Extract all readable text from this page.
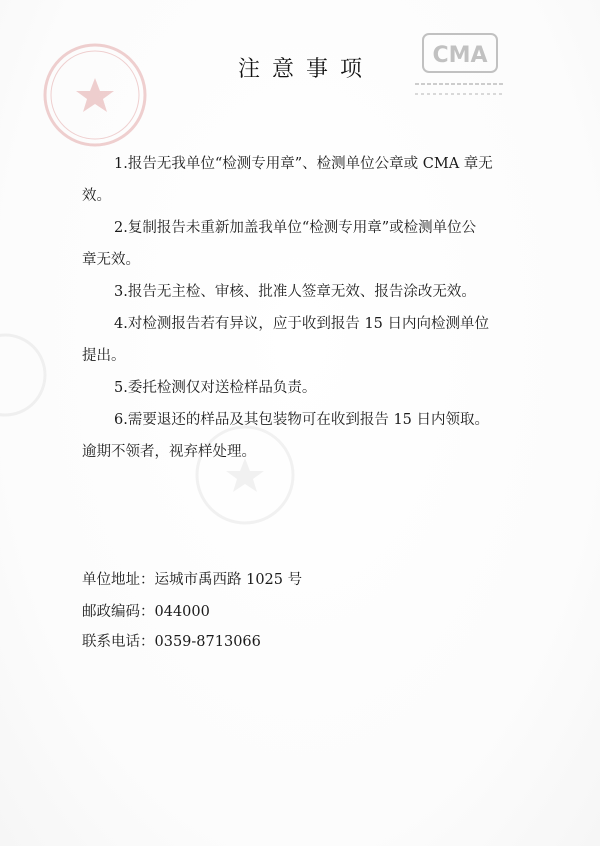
CMA
注意事项
1.报告无我单位“检测专用章”、检测单位公章或 CMA 章无
效。
2.复制报告未重新加盖我单位“检测专用章”或检测单位公
章无效。
3.报告无主检、审核、批准人签章无效、报告涂改无效。
4.对检测报告若有异议，应于收到报告 15 日内向检测单位
提出。
5.委托检测仅对送检样品负责。
6.需要退还的样品及其包装物可在收到报告 15 日内领取。
逾期不领者，视弃样处理。
单位地址：运城市禹西路 1025 号
邮政编码：044000
联系电话：0359-8713066
